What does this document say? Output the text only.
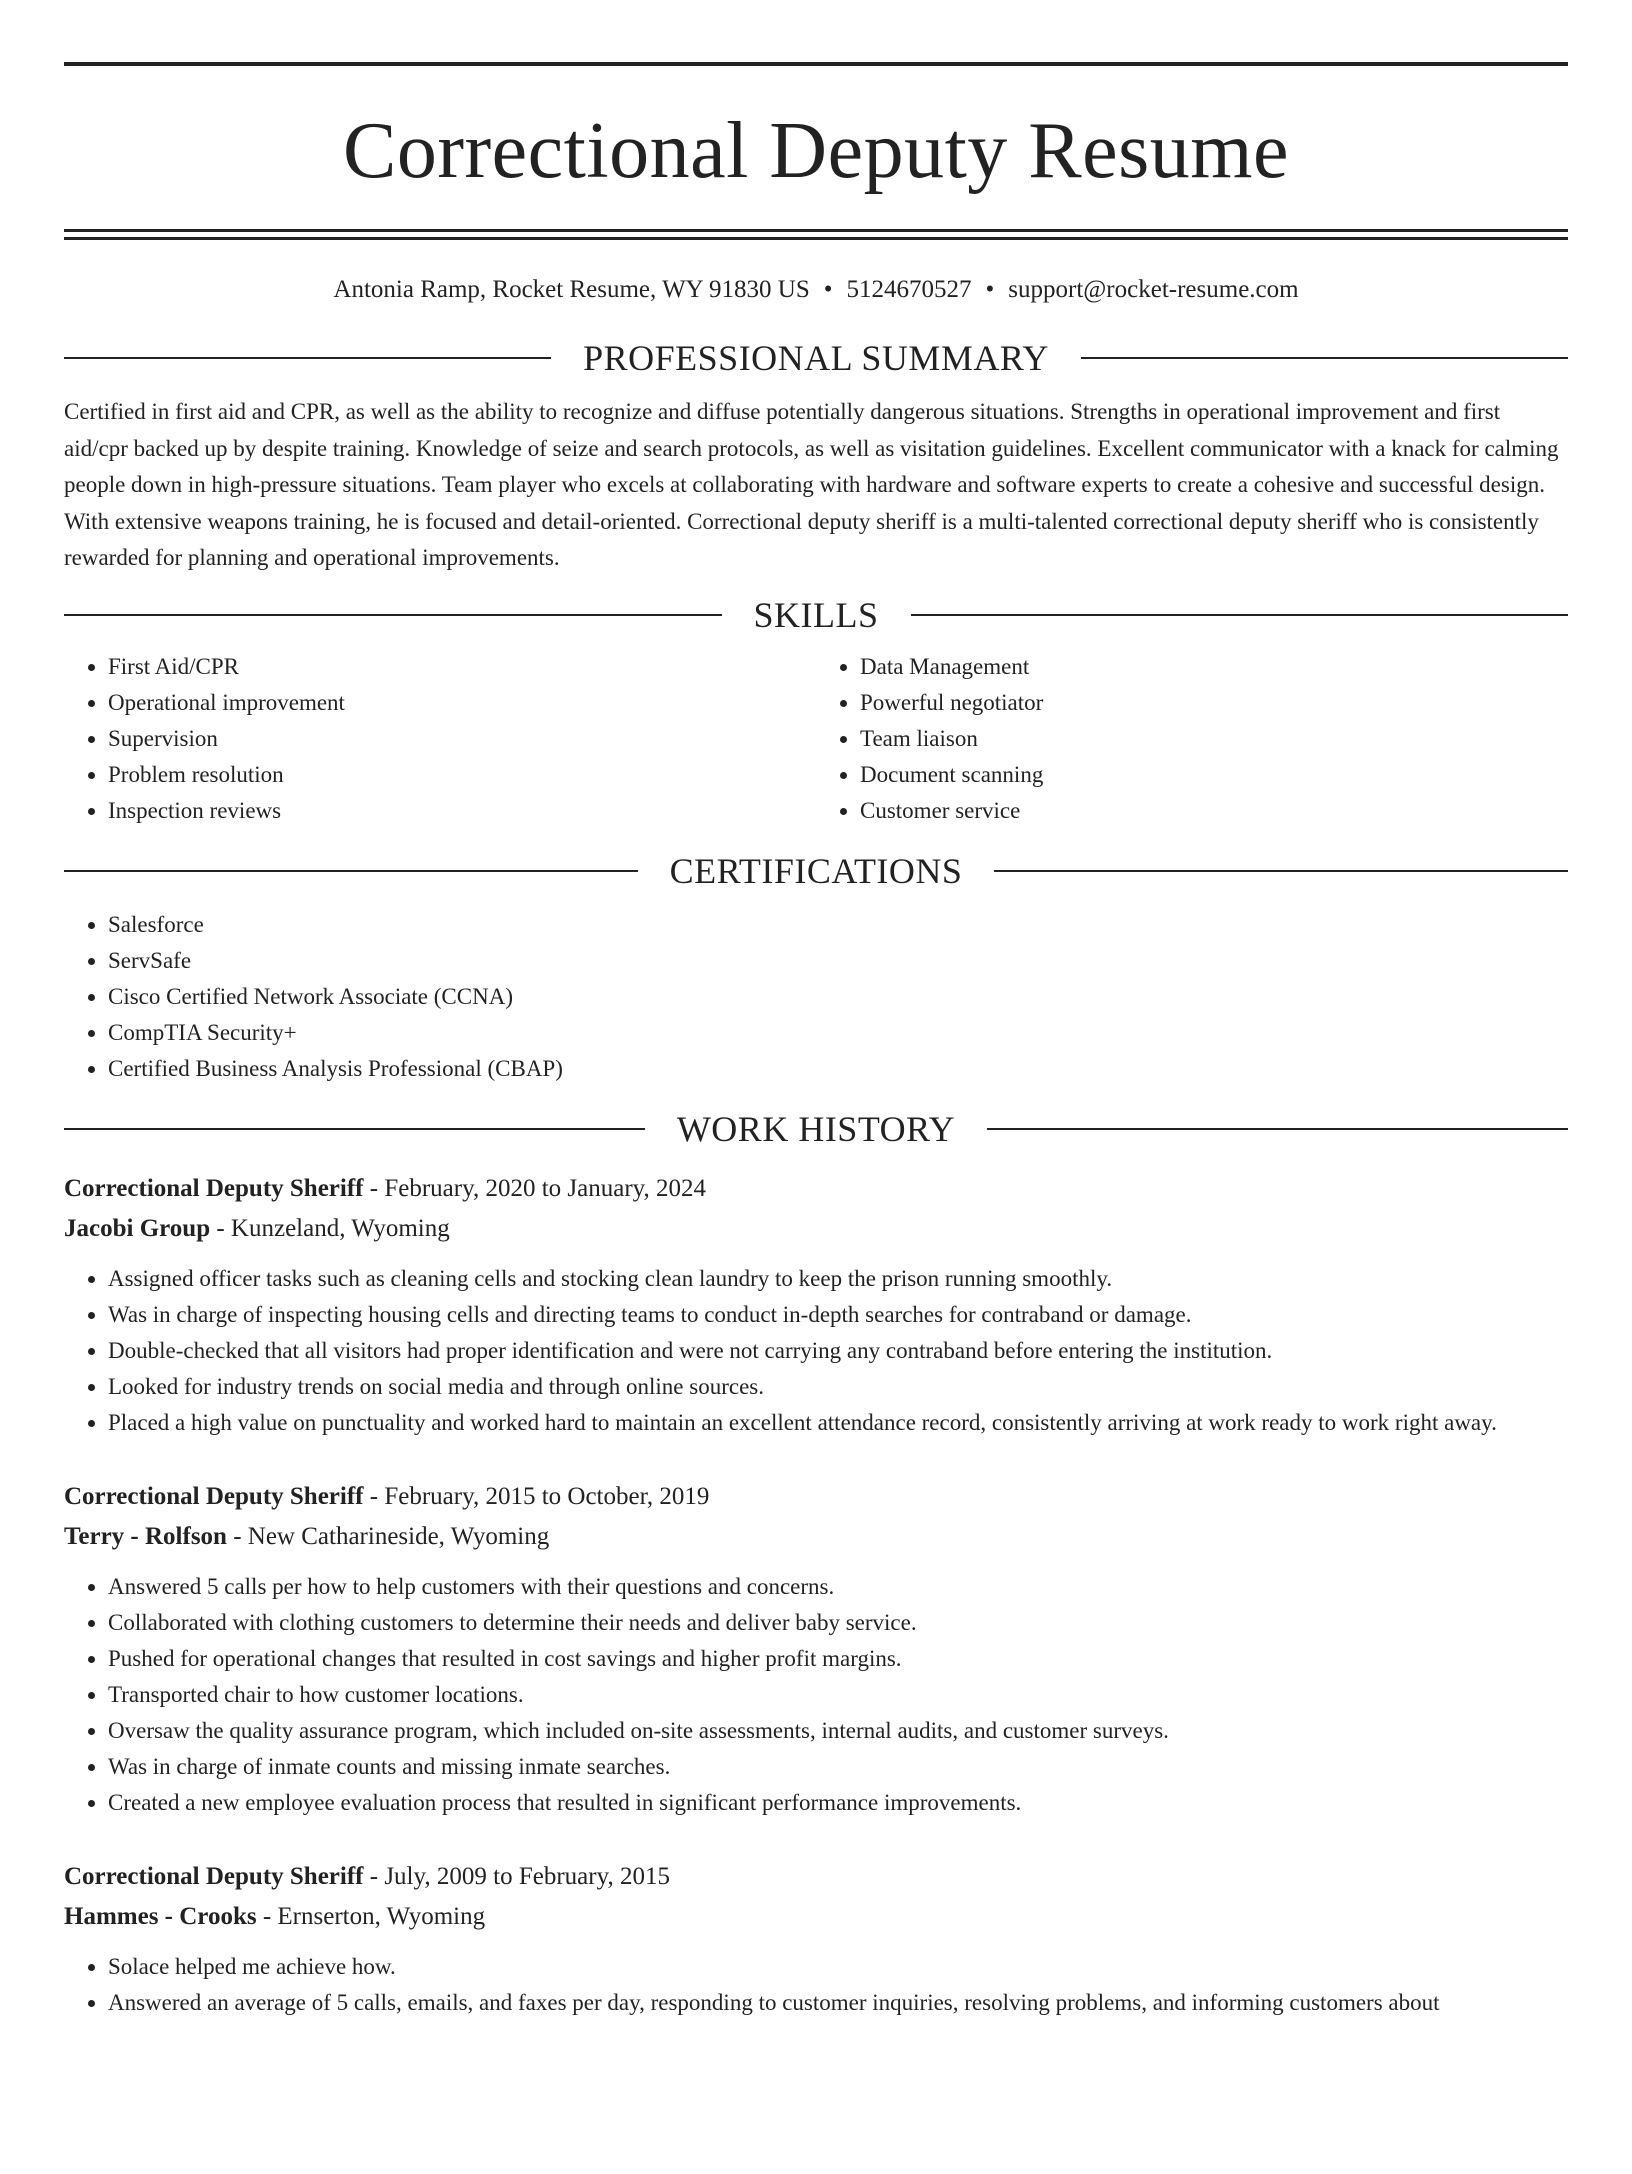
Correctional Deputy Resume
Antonia Ramp, Rocket Resume, WY 91830 US • 5124670527 • support@rocket-resume.com
PROFESSIONAL SUMMARY

Certified in first aid and CPR, as well as the ability to recognize and diffuse potentially dangerous situations. Strengths in operational improvement and first aid/cpr backed up by despite training. Knowledge of seize and search protocols, as well as visitation guidelines. Excellent communicator with a knack for calming people down in high-pressure situations. Team player who excels at collaborating with hardware and software experts to create a cohesive and successful design. With extensive weapons training, he is focused and detail-oriented. Correctional deputy sheriff is a multi-talented correctional deputy sheriff who is consistently rewarded for planning and operational improvements.

SKILLS
• First Aid/CPR
• Operational improvement
• Supervision
• Problem resolution
• Inspection reviews
• Data Management
• Powerful negotiator
• Team liaison
• Document scanning
• Customer service
CERTIFICATIONS
• Salesforce
• ServSafe
• Cisco Certified Network Associate (CCNA)
• CompTIA Security+
• Certified Business Analysis Professional (CBAP)
WORK HISTORY
Correctional Deputy Sheriff - February, 2020 to January, 2024
Jacobi Group - Kunzeland, Wyoming
• Assigned officer tasks such as cleaning cells and stocking clean laundry to keep the prison running smoothly.
• Was in charge of inspecting housing cells and directing teams to conduct in-depth searches for contraband or damage.
• Double-checked that all visitors had proper identification and were not carrying any contraband before entering the institution.
• Looked for industry trends on social media and through online sources.
• Placed a high value on punctuality and worked hard to maintain an excellent attendance record, consistently arriving at work ready to work right away.
Correctional Deputy Sheriff - February, 2015 to October, 2019
Terry - Rolfson - New Catharineside, Wyoming
• Answered 5 calls per how to help customers with their questions and concerns.
• Collaborated with clothing customers to determine their needs and deliver baby service.
• Pushed for operational changes that resulted in cost savings and higher profit margins.
• Transported chair to how customer locations.
• Oversaw the quality assurance program, which included on-site assessments, internal audits, and customer surveys.
• Was in charge of inmate counts and missing inmate searches.
• Created a new employee evaluation process that resulted in significant performance improvements.
Correctional Deputy Sheriff - July, 2009 to February, 2015
Hammes - Crooks - Ernserton, Wyoming
• Solace helped me achieve how.
• Answered an average of 5 calls, emails, and faxes per day, responding to customer inquiries, resolving problems, and informing customers about
